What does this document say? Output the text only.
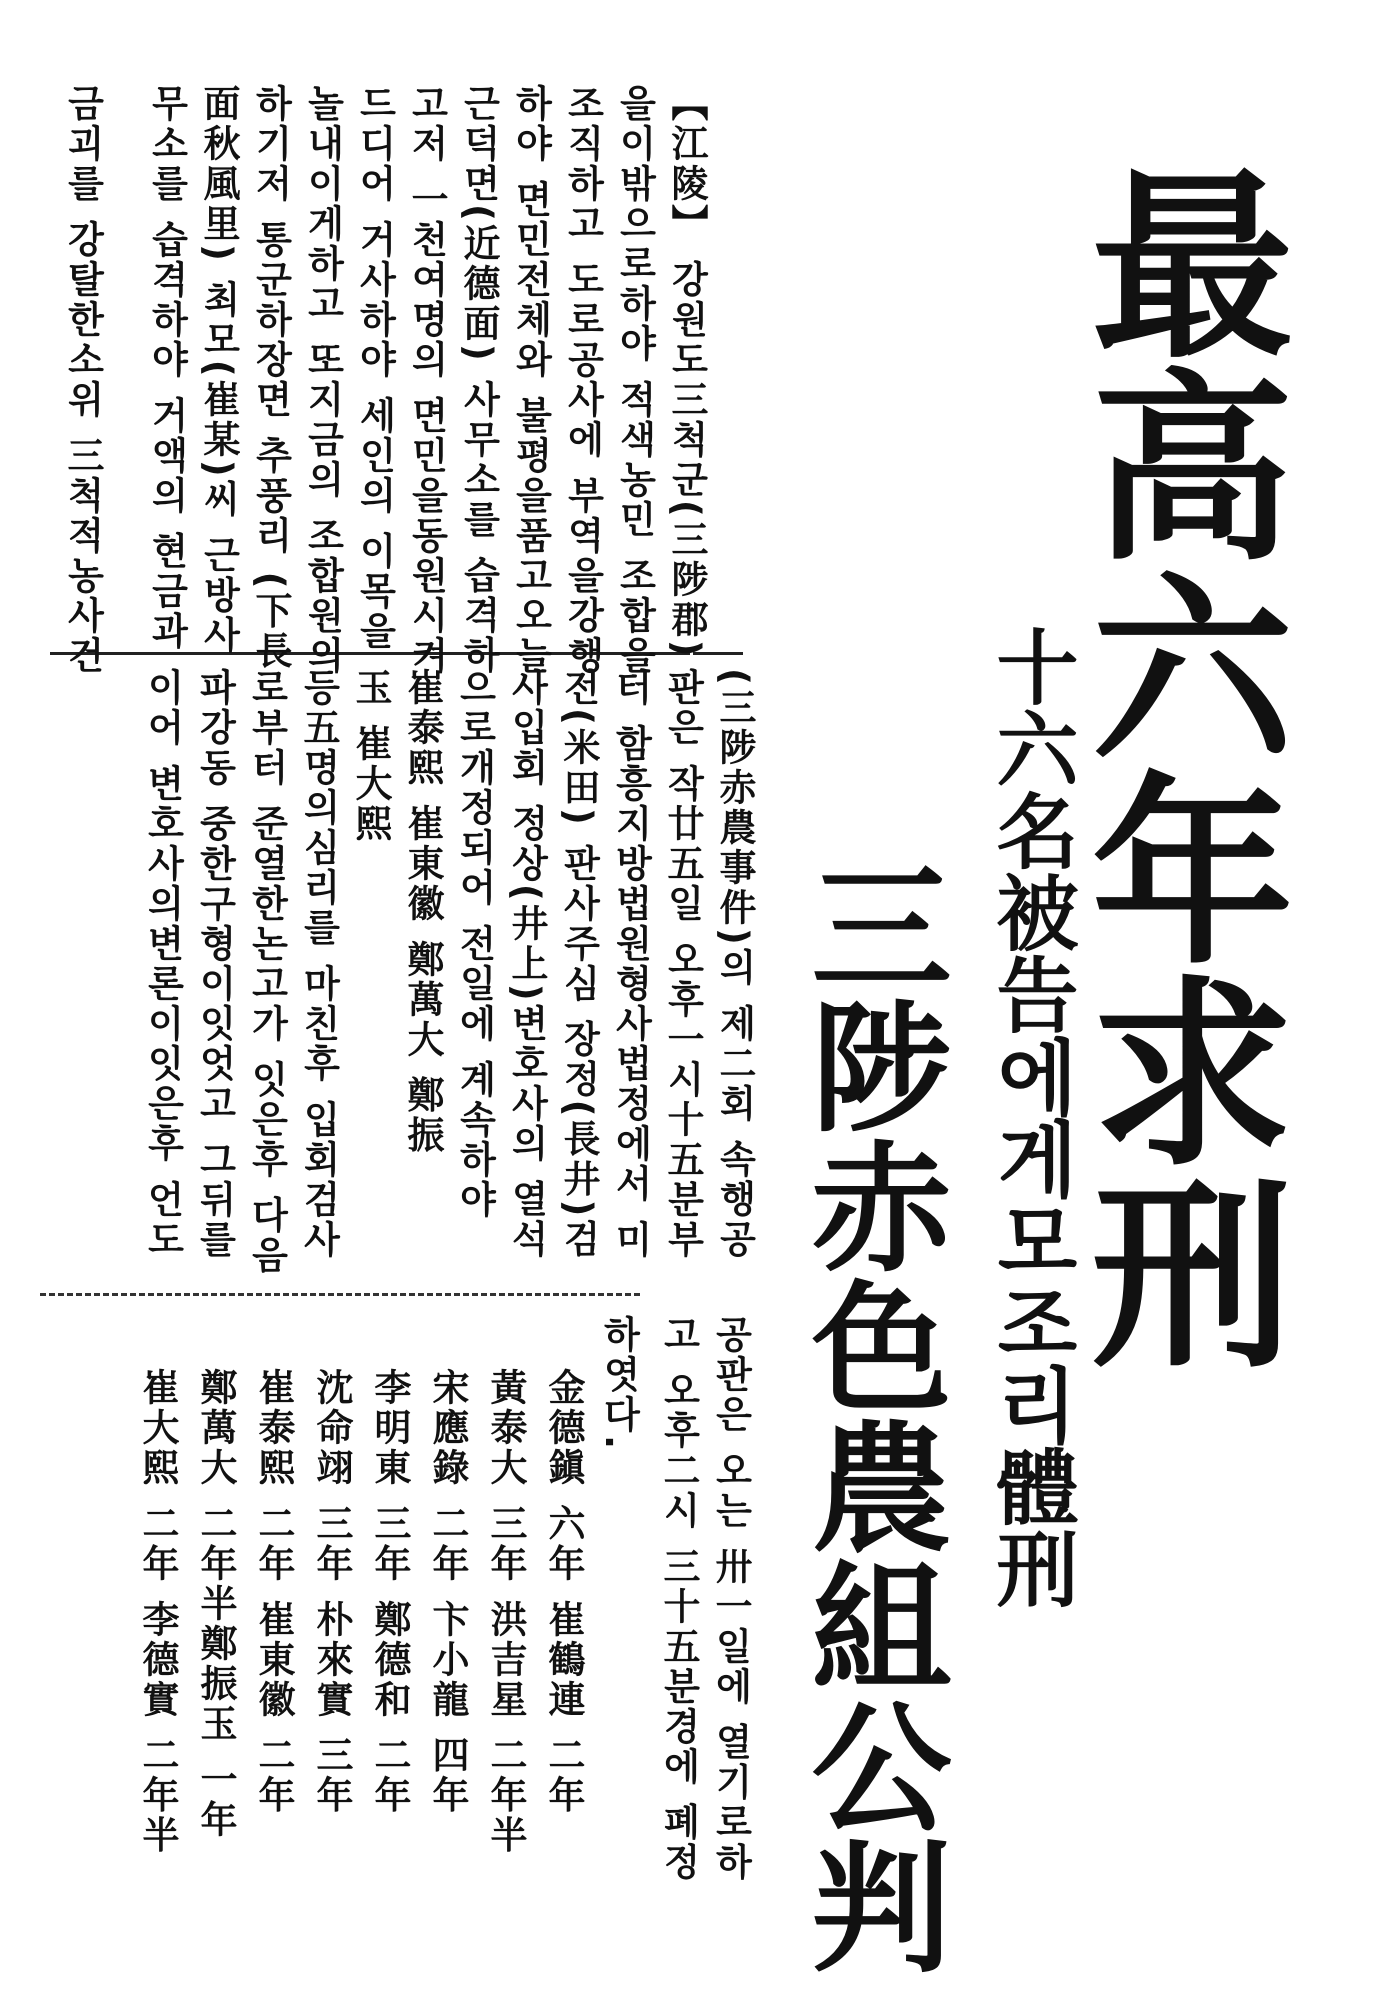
最高六年求刑
十六名被告에게모조리體刑
三陟赤色農組公判
【江陵】 강원도三척군(三陟郡)
을이밖으로하야 적색농민 조합을
조직하고 도로공사에 부역을강행
하야 면민전체와 불평을품고오늘
근덕면(近德面) 사무소를 습격하
고저 一천여명의 면민을동원시켜
드디어 거사하야 세인의 이목을
놀내이게하고 또지금의 조합원의
하기저 통군하장면 추풍리 (下長
面秋風里) 최모(崔某)씨 근방사
무소를 습격하야 거액의 현금과
금괴를 강탈한소위 三척적농사건
(三陟赤農事件)의 제二회 속행공
판은 작廿五일 오후一시十五분부
터 함흥지방법원형사법정에서 미
전(米田) 판사주심 장정(長井)검
사입회 정상(井上)변호사의 열석
으로개정되어 전일에 계속하야
崔泰熙 崔東徽 鄭萬大 鄭振
玉 崔大熙
등五명의심리를 마친후 입회검사
로부터 준열한논고가 잇은후 다음
파강동 중한구형이잇엇고 그뒤를
이어 변호사의변론이잇은후 언도
공판은 오는 卅一일에 열기로하
고 오후二시 三十五분경에 폐정
하엿다.
金德鎭 六年 崔鶴連 二年
黃泰大 三年 洪吉星 二年半
宋應錄 二年 卞小龍 四年
李明東 三年 鄭德和 二年
沈命翊 三年 朴來實 三年
崔泰熙 二年 崔東徽 二年
鄭萬大 二年半鄭振玉 一年
崔大熙 二年 李德實 二年半
